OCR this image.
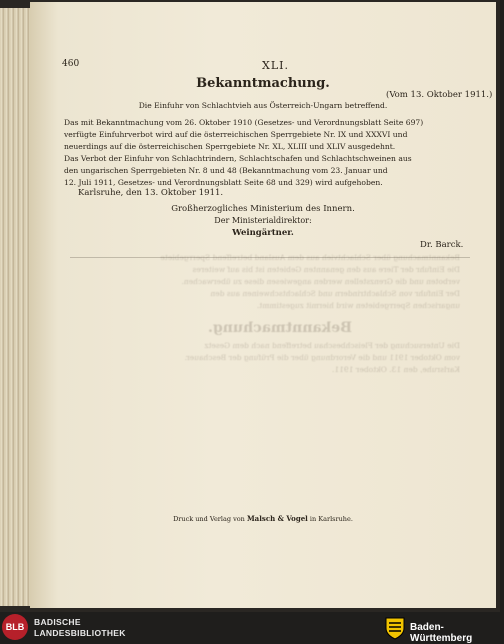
Bekanntmachung über Schlachtvieh aus dem Ausland betreffend Sperrgebiete
Die Einfuhr der Tiere aus den genannten Gebieten ist bis auf weiteres
verboten und die Grenzstellen werden angewiesen diese zu überwachen.
Der Einfuhr von Schlachtrindern und Schlachtschweinen aus den
ungarischen Sperrgebieten wird hiermit zugestimmt.
Bekanntmachung.
Die Untersuchung der Fleischbeschau betreffend nach dem Gesetz
vom Oktober 1911 und die Verordnung über die Prüfung der Beschauer.
Karlsruhe, den 13. Oktober 1911.
460	XLI.
Bekanntmachung.
(Vom 13. Oktober 1911.)
Die Einfuhr von Schlachtvieh aus Österreich-Ungarn betreffend.
Das mit Bekanntmachung vom 26. Oktober 1910 (Gesetzes- und Verordnungsblatt Seite 697)
verfügte Einfuhrverbot wird auf die österreichischen Sperrgebiete Nr. IX und XXXVI und
neuerdings auf die österreichischen Sperrgebiete Nr. XL, XLIII und XLIV ausgedehnt.
Das Verbot der Einfuhr von Schlachtrindern, Schlachtschafen und Schlachtschweinen aus
den ungarischen Sperrgebieten Nr. 8 und 48 (Bekanntmachung vom 23. Januar und
12. Juli 1911, Gesetzes- und Verordnungsblatt Seite 68 und 329) wird aufgehoben.
Karlsruhe, den 13. Oktober 1911.
Großherzogliches Ministerium des Innern.
Der Ministerialdirektor:
Weingärtner.
Dr. Barck.
Druck und Verlag von Malsch & Vogel in Karlsruhe.
BLB	BADISCHE
LANDESBIBLIOTHEK	Baden-Württemberg
